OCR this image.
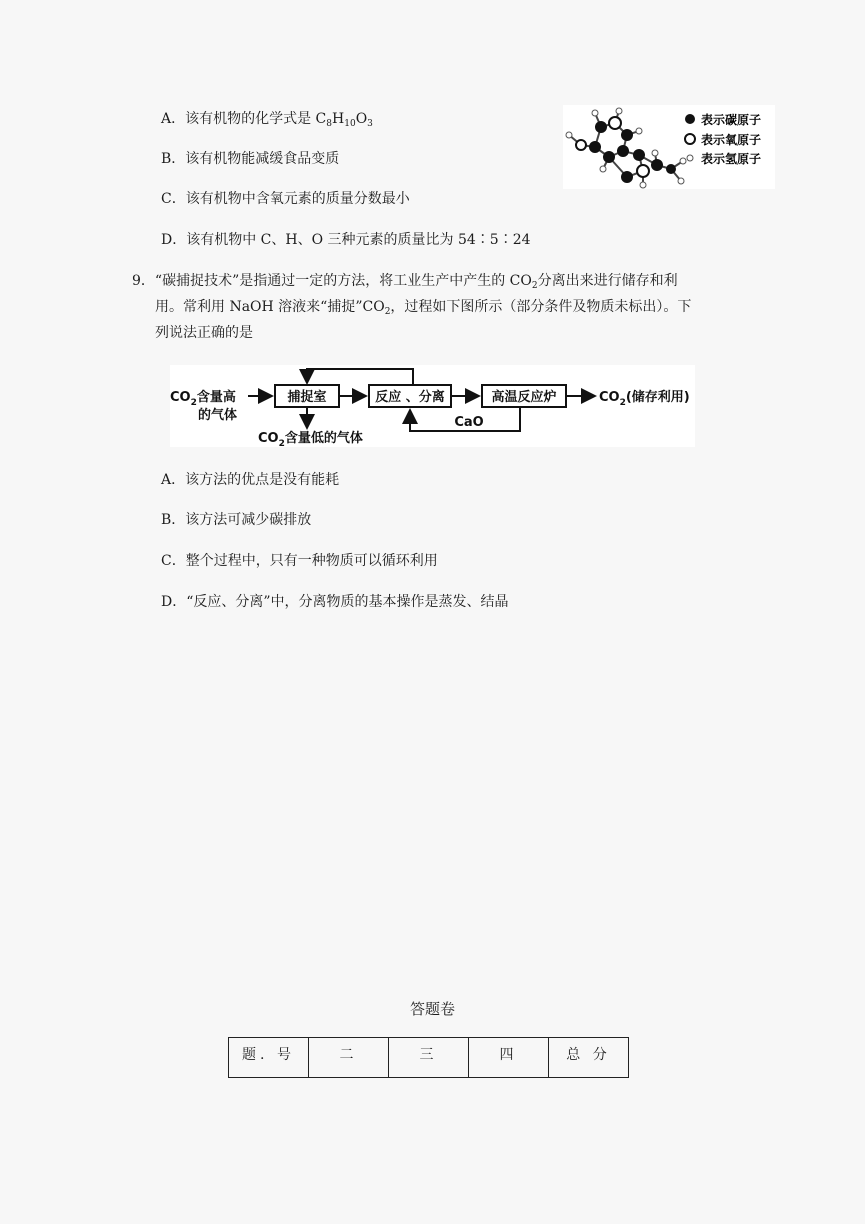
A．该有机物的化学式是 $C_8H_{10}O_3$
B．该有机物能减缓食品变质
C．该有机物中含氧元素的质量分数最小
D．该有机物中 C、H、O 三种元素的质量比为 54∶5∶24
表示碳原子
表示氧原子
表示氢原子
9．“碳捕捉技术”是指通过一定的方法，将工业生产中产生的 $CO_2$分离出来进行储存和利
用。常利用 NaOH 溶液来“捕捉$”CO_2$，过程如下图所示（部分条件及物质未标出）。下
列说法正确的是
$CO_2$含量高
的气体
捕捉室	反应 、分离	高温反应炉	$CO_2$(储存利用)
$CO_2$含量低的气体
CaO
A．该方法的优点是没有能耗
B．该方法可减少碳排放
C．整个过程中，只有一种物质可以循环利用
D．“反应、分离”中，分离物质的基本操作是蒸发、结晶
答题卷
题. 号	二	三	四	总 分
